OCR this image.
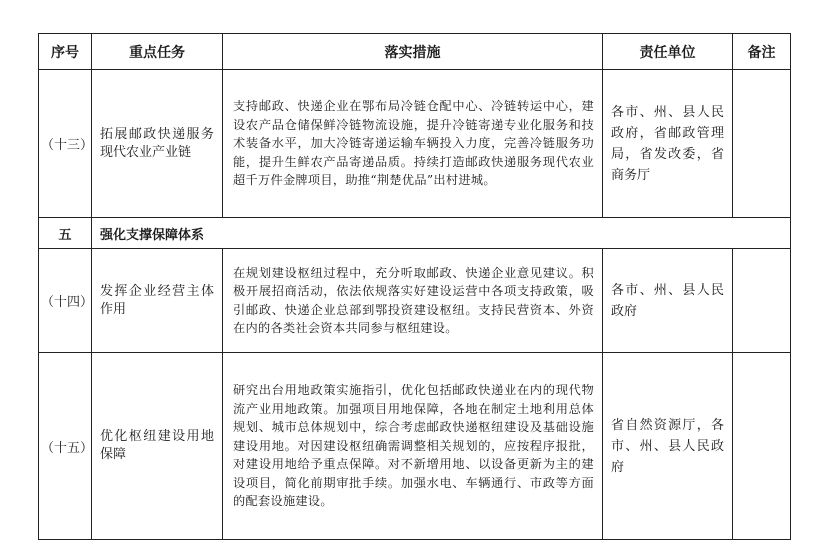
序号	重点任务	落实措施	责任单位	备注
（十三）	拓展邮政快递服务现代农业产业链	支持邮政、快递企业在鄂布局冷链仓配中心、冷链转运中心，建设农产品仓储保鲜冷链物流设施，提升冷链寄递专业化服务和技术装备水平，加大冷链寄递运输车辆投入力度，完善冷链服务功能，提升生鲜农产品寄递品质。持续打造邮政快递服务现代农业超千万件金牌项目，助推“荆楚优品”出村进城。	各市、州、县人民政府，省邮政管理局，省发改委，省商务厅	
五	强化支撑保障体系			
（十四）	发挥企业经营主体作用	在规划建设枢纽过程中，充分听取邮政、快递企业意见建议。积极开展招商活动，依法依规落实好建设运营中各项支持政策，吸引邮政、快递企业总部到鄂投资建设枢纽。支持民营资本、外资在内的各类社会资本共同参与枢纽建设。	各市、州、县人民政府	
（十五）	优化枢纽建设用地保障	研究出台用地政策实施指引，优化包括邮政快递业在内的现代物流产业用地政策。加强项目用地保障，各地在制定土地利用总体规划、城市总体规划中，综合考虑邮政快递枢纽建设及基础设施建设用地。对因建设枢纽确需调整相关规划的，应按程序报批，对建设用地给予重点保障。对不新增用地、以设备更新为主的建设项目，简化前期审批手续。加强水电、车辆通行、市政等方面的配套设施建设。	省自然资源厅，各市、州、县人民政府	
